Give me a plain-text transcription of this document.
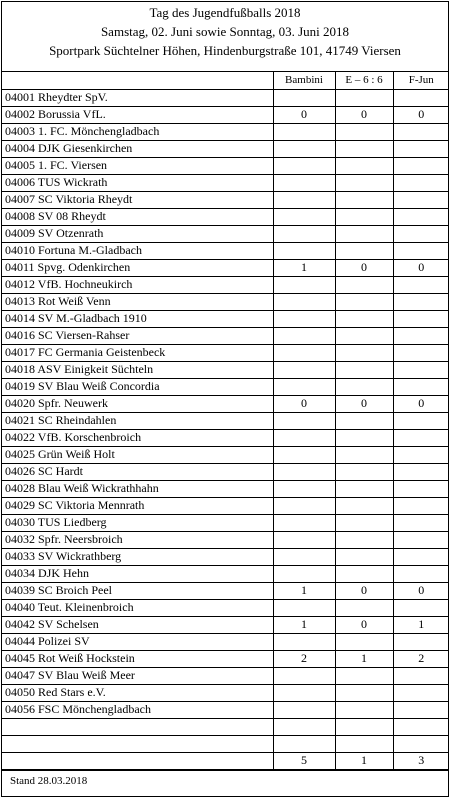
Tag des Jugendfußballs 2018
Samstag, 02. Juni sowie Sonntag, 03. Juni 2018
Sportpark Süchtelner Höhen, Hindenburgstraße 101, 41749 Viersen
	Bambini	E – 6 : 6	F-Jun
04001 Rheydter SpV.			
04002 Borussia VfL.	0	0	0
04003 1. FC. Mönchengladbach			
04004 DJK Giesenkirchen			
04005 1. FC. Viersen			
04006 TUS Wickrath			
04007 SC Viktoria Rheydt			
04008 SV 08 Rheydt			
04009 SV Otzenrath			
04010 Fortuna M.-Gladbach			
04011 Spvg. Odenkirchen	1	0	0
04012 VfB. Hochneukirch			
04013 Rot Weiß Venn			
04014 SV M.-Gladbach 1910			
04016 SC Viersen-Rahser			
04017 FC Germania Geistenbeck			
04018 ASV Einigkeit Süchteln			
04019 SV Blau Weiß Concordia			
04020 Spfr. Neuwerk	0	0	0
04021 SC Rheindahlen			
04022 VfB. Korschenbroich			
04025 Grün Weiß Holt			
04026 SC Hardt			
04028 Blau Weiß Wickrathhahn			
04029 SC Viktoria Mennrath			
04030 TUS Liedberg			
04032 Spfr. Neersbroich			
04033 SV Wickrathberg			
04034 DJK Hehn			
04039 SC Broich Peel	1	0	0
04040 Teut. Kleinenbroich			
04042 SV Schelsen	1	0	1
04044 Polizei SV			
04045 Rot Weiß Hockstein	2	1	2
04047 SV Blau Weiß Meer			
04050 Red Stars e.V.			
04056 FSC Mönchengladbach			

	5	1	3
Stand 28.03.2018
